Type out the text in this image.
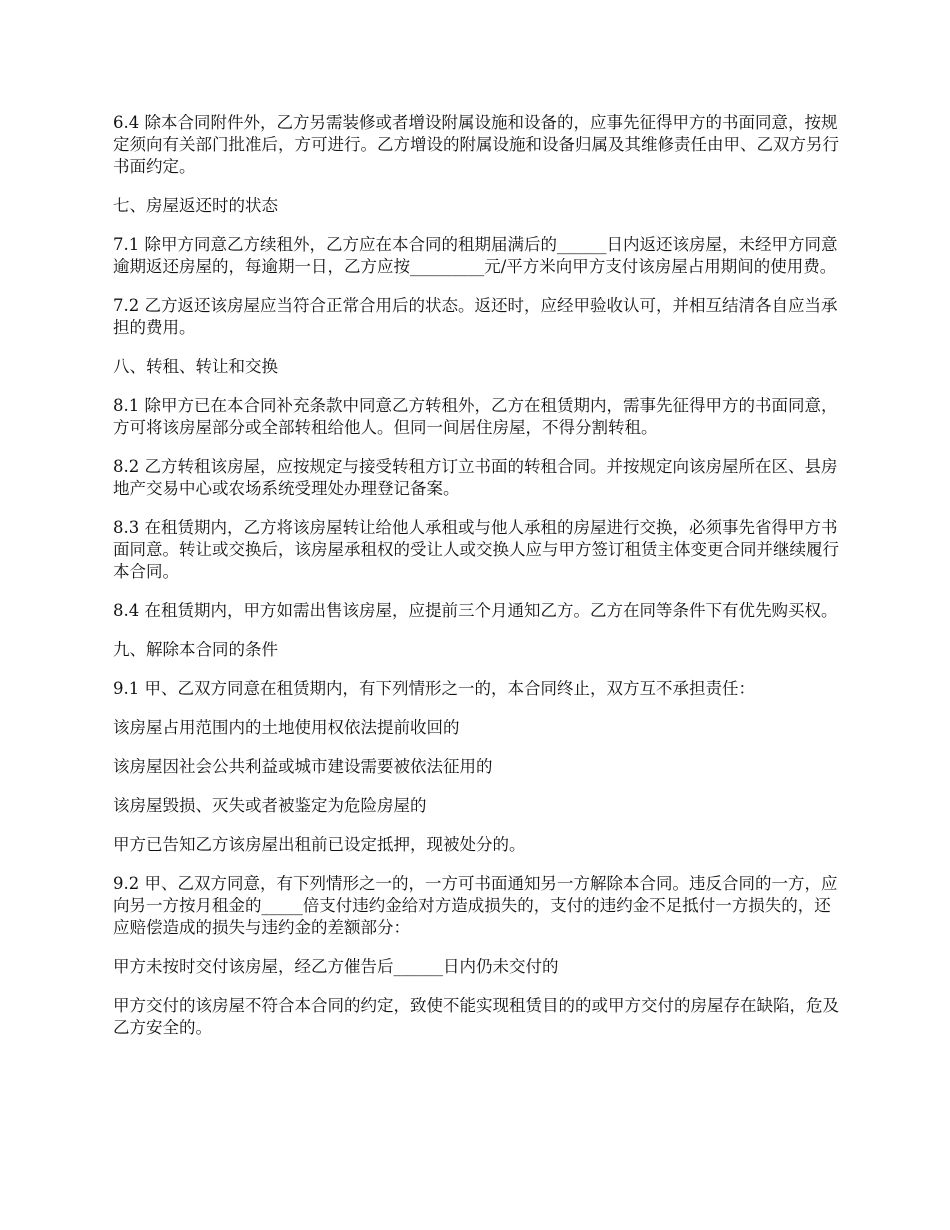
6.4 除本合同附件外，乙方另需装修或者增设附属设施和设备的，应事先征得甲方的书面同意，按规定须向有关部门批准后，方可进行。乙方增设的附属设施和设备归属及其维修责任由甲、乙双方另行书面约定。

七、房屋返还时的状态

7.1 除甲方同意乙方续租外，乙方应在本合同的租期届满后的______日内返还该房屋，未经甲方同意逾期返还房屋的，每逾期一日，乙方应按_________元/平方米向甲方支付该房屋占用期间的使用费。

7.2 乙方返还该房屋应当符合正常合用后的状态。返还时，应经甲验收认可，并相互结清各自应当承担的费用。

八、转租、转让和交换

8.1 除甲方已在本合同补充条款中同意乙方转租外，乙方在租赁期内，需事先征得甲方的书面同意，方可将该房屋部分或全部转租给他人。但同一间居住房屋，不得分割转租。

8.2 乙方转租该房屋，应按规定与接受转租方订立书面的转租合同。并按规定向该房屋所在区、县房地产交易中心或农场系统受理处办理登记备案。

8.3 在租赁期内，乙方将该房屋转让给他人承租或与他人承租的房屋进行交换，必须事先省得甲方书面同意。转让或交换后，该房屋承租权的受让人或交换人应与甲方签订租赁主体变更合同并继续履行本合同。

8.4 在租赁期内，甲方如需出售该房屋，应提前三个月通知乙方。乙方在同等条件下有优先购买权。

九、解除本合同的条件

9.1 甲、乙双方同意在租赁期内，有下列情形之一的，本合同终止，双方互不承担责任：

该房屋占用范围内的土地使用权依法提前收回的

该房屋因社会公共利益或城市建设需要被依法征用的

该房屋毁损、灭失或者被鉴定为危险房屋的

甲方已告知乙方该房屋出租前已设定抵押，现被处分的。

9.2 甲、乙双方同意，有下列情形之一的，一方可书面通知另一方解除本合同。违反合同的一方，应向另一方按月租金的_____倍支付违约金给对方造成损失的，支付的违约金不足抵付一方损失的，还应赔偿造成的损失与违约金的差额部分：

甲方未按时交付该房屋，经乙方催告后______日内仍未交付的

甲方交付的该房屋不符合本合同的约定，致使不能实现租赁目的的或甲方交付的房屋存在缺陷，危及乙方安全的。
